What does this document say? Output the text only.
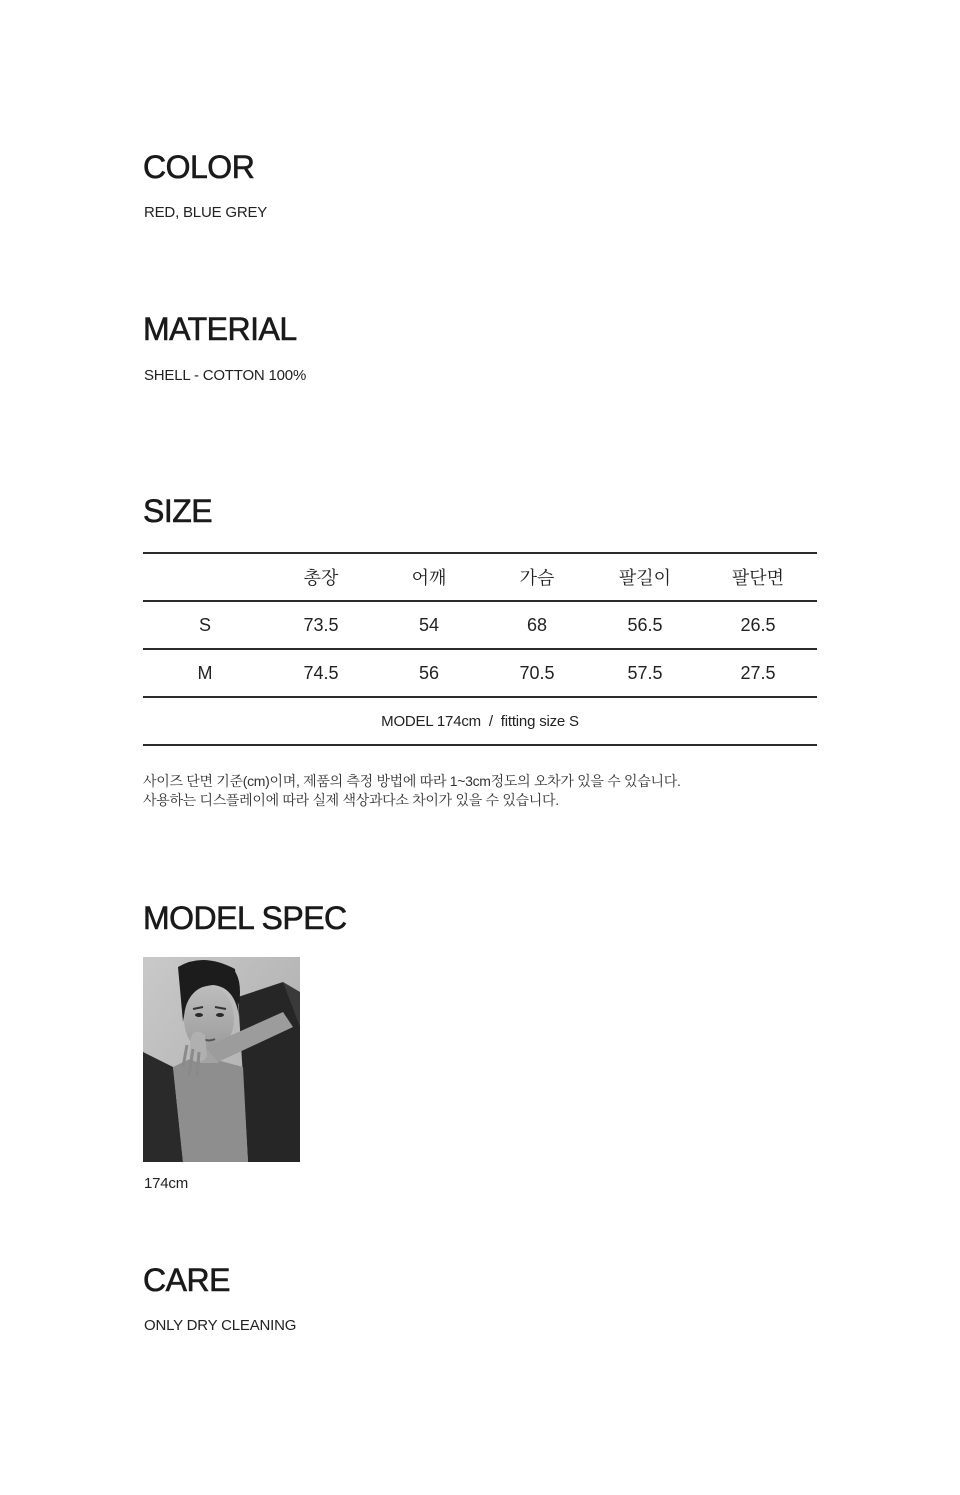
COLOR

RED, BLUE GREY

MATERIAL

SHELL - COTTON 100%

SIZE
	총장	어깨	가슴	팔길이	팔단면
S	73.5	54	68	56.5	26.5
M	74.5	56	70.5	57.5	27.5
MODEL 174cm  /  fitting size S					

사이즈 단면 기준(cm)이며, 제품의 측정 방법에 따라 1~3cm정도의 오차가 있을 수 있습니다.

사용하는 디스플레이에 따라 실제 색상과다소 차이가 있을 수 있습니다.

MODEL SPEC

174cm

CARE

ONLY DRY CLEANING
